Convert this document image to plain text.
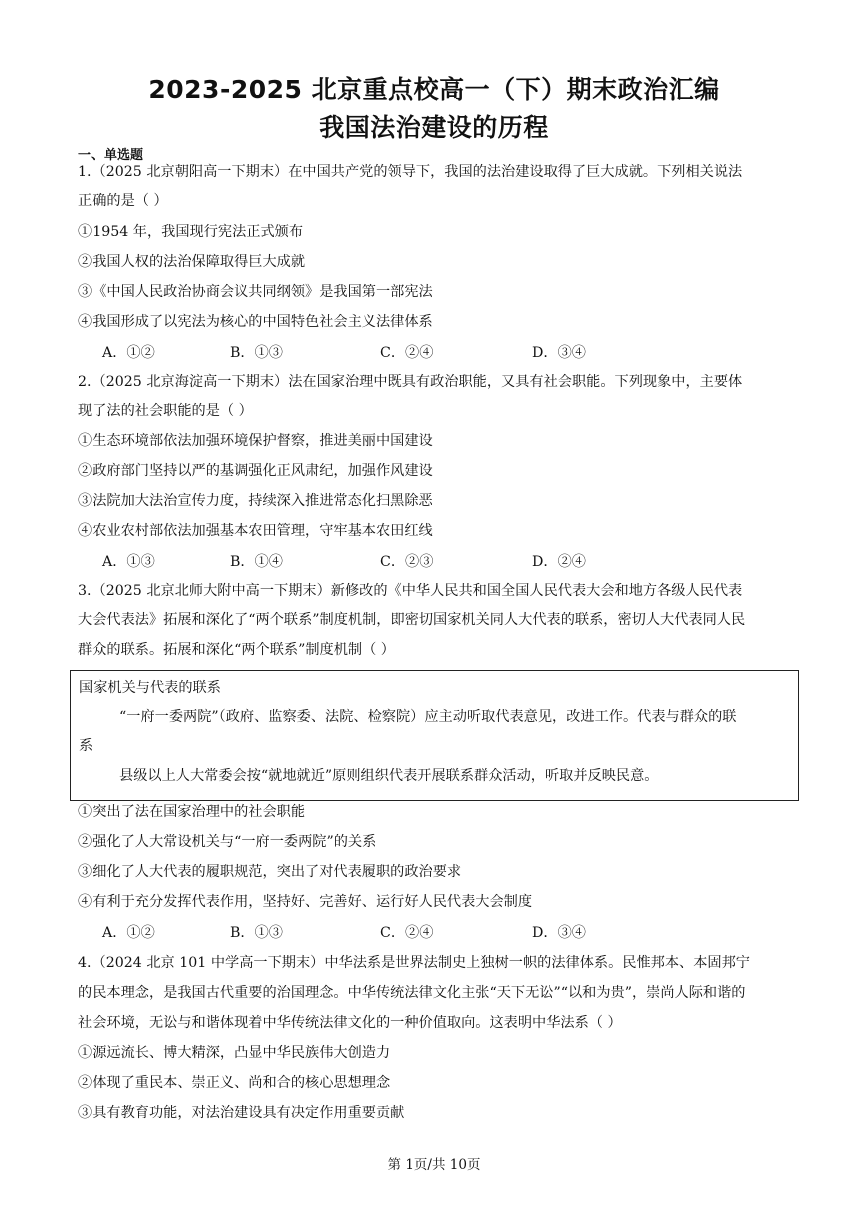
2023-2025 北京重点校高一（下）期末政治汇编
我国法治建设的历程
一、单选题
1.（2025 北京朝阳高一下期末）在中国共产党的领导下，我国的法治建设取得了巨大成就。下列相关说法
正确的是（ ）
①1954 年，我国现行宪法正式颁布
②我国人权的法治保障取得巨大成就
③《中国人民政治协商会议共同纲领》是我国第一部宪法
④我国形成了以宪法为核心的中国特色社会主义法律体系
A．①②	B．①③	C．②④	D．③④
2.（2025 北京海淀高一下期末）法在国家治理中既具有政治职能，又具有社会职能。下列现象中，主要体
现了法的社会职能的是（ ）
①生态环境部依法加强环境保护督察，推进美丽中国建设
②政府部门坚持以严的基调强化正风肃纪，加强作风建设
③法院加大法治宣传力度，持续深入推进常态化扫黑除恶
④农业农村部依法加强基本农田管理，守牢基本农田红线
A．①③	B．①④	C．②③	D．②④
3.（2025 北京北师大附中高一下期末）新修改的《中华人民共和国全国人民代表大会和地方各级人民代表
大会代表法》拓展和深化了“两个联系”制度机制，即密切国家机关同人大代表的联系，密切人大代表同人民
群众的联系。拓展和深化“两个联系”制度机制（ ）
国家机关与代表的联系
“一府一委两院”（政府、监察委、法院、检察院）应主动听取代表意见，改进工作。代表与群众的联
系
县级以上人大常委会按“就地就近”原则组织代表开展联系群众活动，听取并反映民意。
①突出了法在国家治理中的社会职能
②强化了人大常设机关与“一府一委两院”的关系
③细化了人大代表的履职规范，突出了对代表履职的政治要求
④有利于充分发挥代表作用，坚持好、完善好、运行好人民代表大会制度
A．①②	B．①③	C．②④	D．③④
4.（2024 北京 101 中学高一下期末）中华法系是世界法制史上独树一帜的法律体系。民惟邦本、本固邦宁
的民本理念，是我国古代重要的治国理念。中华传统法律文化主张“天下无讼”“以和为贵”，崇尚人际和谐的
社会环境，无讼与和谐体现着中华传统法律文化的一种价值取向。这表明中华法系（ ）
①源远流长、博大精深，凸显中华民族伟大创造力
②体现了重民本、崇正义、尚和合的核心思想理念
③具有教育功能，对法治建设具有决定作用重要贡献
第 1页/共 10页
